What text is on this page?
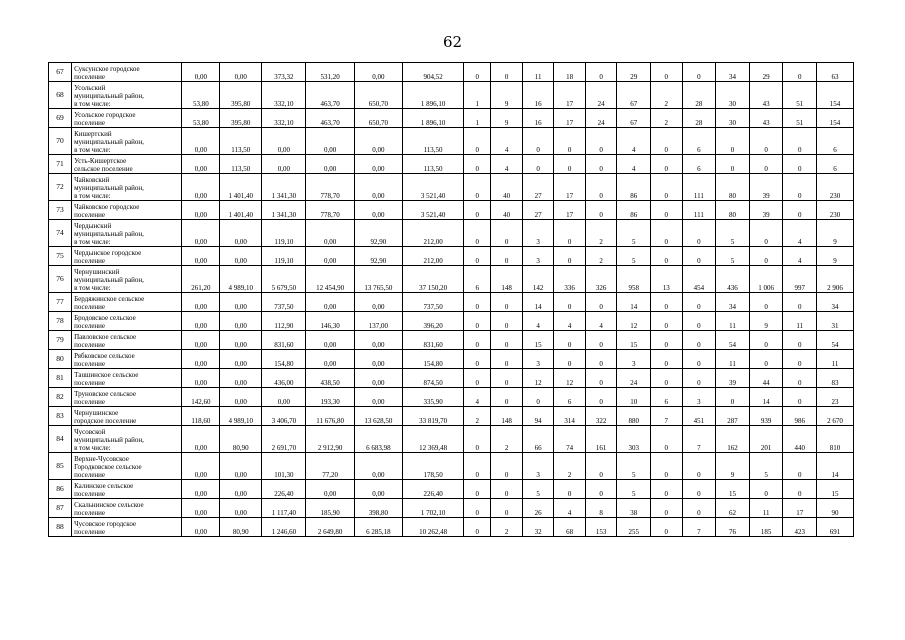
62
67	Суксунское городское
поселение	0,00	0,00	373,32	531,20	0,00	904,52	0	0	11	18	0	29	0	0	34	29	0	63
68	Усольский
муниципальный район,
в том числе:	53,80	395,80	332,10	463,70	650,70	1 896,10	1	9	16	17	24	67	2	28	30	43	51	154
69	Усольское городское
поселение	53,80	395,80	332,10	463,70	650,70	1 896,10	1	9	16	17	24	67	2	28	30	43	51	154
70	Кишертский
муниципальный район,
в том числе:	0,00	113,50	0,00	0,00	0,00	113,50	0	4	0	0	0	4	0	6	0	0	0	6
71	Усть-Кишертское
сельское поселение	0,00	113,50	0,00	0,00	0,00	113,50	0	4	0	0	0	4	0	6	0	0	0	6
72	Чайковский
муниципальный район,
в том числе:	0,00	1 401,40	1 341,30	778,70	0,00	3 521,40	0	40	27	17	0	86	0	111	80	39	0	230
73	Чайковское городское
поселение	0,00	1 401,40	1 341,30	778,70	0,00	3 521,40	0	40	27	17	0	86	0	111	80	39	0	230
74	Чердынский
муниципальный район,
в том числе:	0,00	0,00	119,10	0,00	92,90	212,00	0	0	3	0	2	5	0	0	5	0	4	9
75	Чердынское городское
поселение	0,00	0,00	119,10	0,00	92,90	212,00	0	0	3	0	2	5	0	0	5	0	4	9
76	Чернушинский
муниципальный район,
в том числе:	261,20	4 989,10	5 679,50	12 454,90	13 765,50	37 150,20	6	148	142	336	326	958	13	454	436	1 006	997	2 906
77	Бердяжинское сельское
поселение	0,00	0,00	737,50	0,00	0,00	737,50	0	0	14	0	0	14	0	0	34	0	0	34
78	Бродовское сельское
поселение	0,00	0,00	112,90	146,30	137,00	396,20	0	0	4	4	4	12	0	0	11	9	11	31
79	Павловское сельское
поселение	0,00	0,00	831,60	0,00	0,00	831,60	0	0	15	0	0	15	0	0	54	0	0	54
80	Рябковское сельское
поселение	0,00	0,00	154,80	0,00	0,00	154,80	0	0	3	0	0	3	0	0	11	0	0	11
81	Тauшинское сельское
поселение	0,00	0,00	436,00	438,50	0,00	874,50	0	0	12	12	0	24	0	0	39	44	0	83
82	Труновское сельское
поселение	142,60	0,00	0,00	193,30	0,00	335,90	4	0	0	6	0	10	6	3	0	14	0	23
83	Чернушинское
городское поселение	118,60	4 989,10	3 406,70	11 676,80	13 628,50	33 819,70	2	148	94	314	322	880	7	451	287	939	986	2 670
84	Чусовской
муниципальный район,
в том числе:	0,00	80,90	2 691,70	2 912,90	6 683,98	12 369,48	0	2	66	74	161	303	0	7	162	201	440	810
85	Верхне-Чусовское
Городковское сельское
поселение	0,00	0,00	101,30	77,20	0,00	178,50	0	0	3	2	0	5	0	0	9	5	0	14
86	Калинское сельское
поселение	0,00	0,00	226,40	0,00	0,00	226,40	0	0	5	0	0	5	0	0	15	0	0	15
87	Скальнинское сельское
поселение	0,00	0,00	1 117,40	185,90	398,80	1 702,10	0	0	26	4	8	38	0	0	62	11	17	90
88	Чусовское городское
поселение	0,00	80,90	1 246,60	2 649,80	6 285,18	10 262,48	0	2	32	68	153	255	0	7	76	185	423	691
